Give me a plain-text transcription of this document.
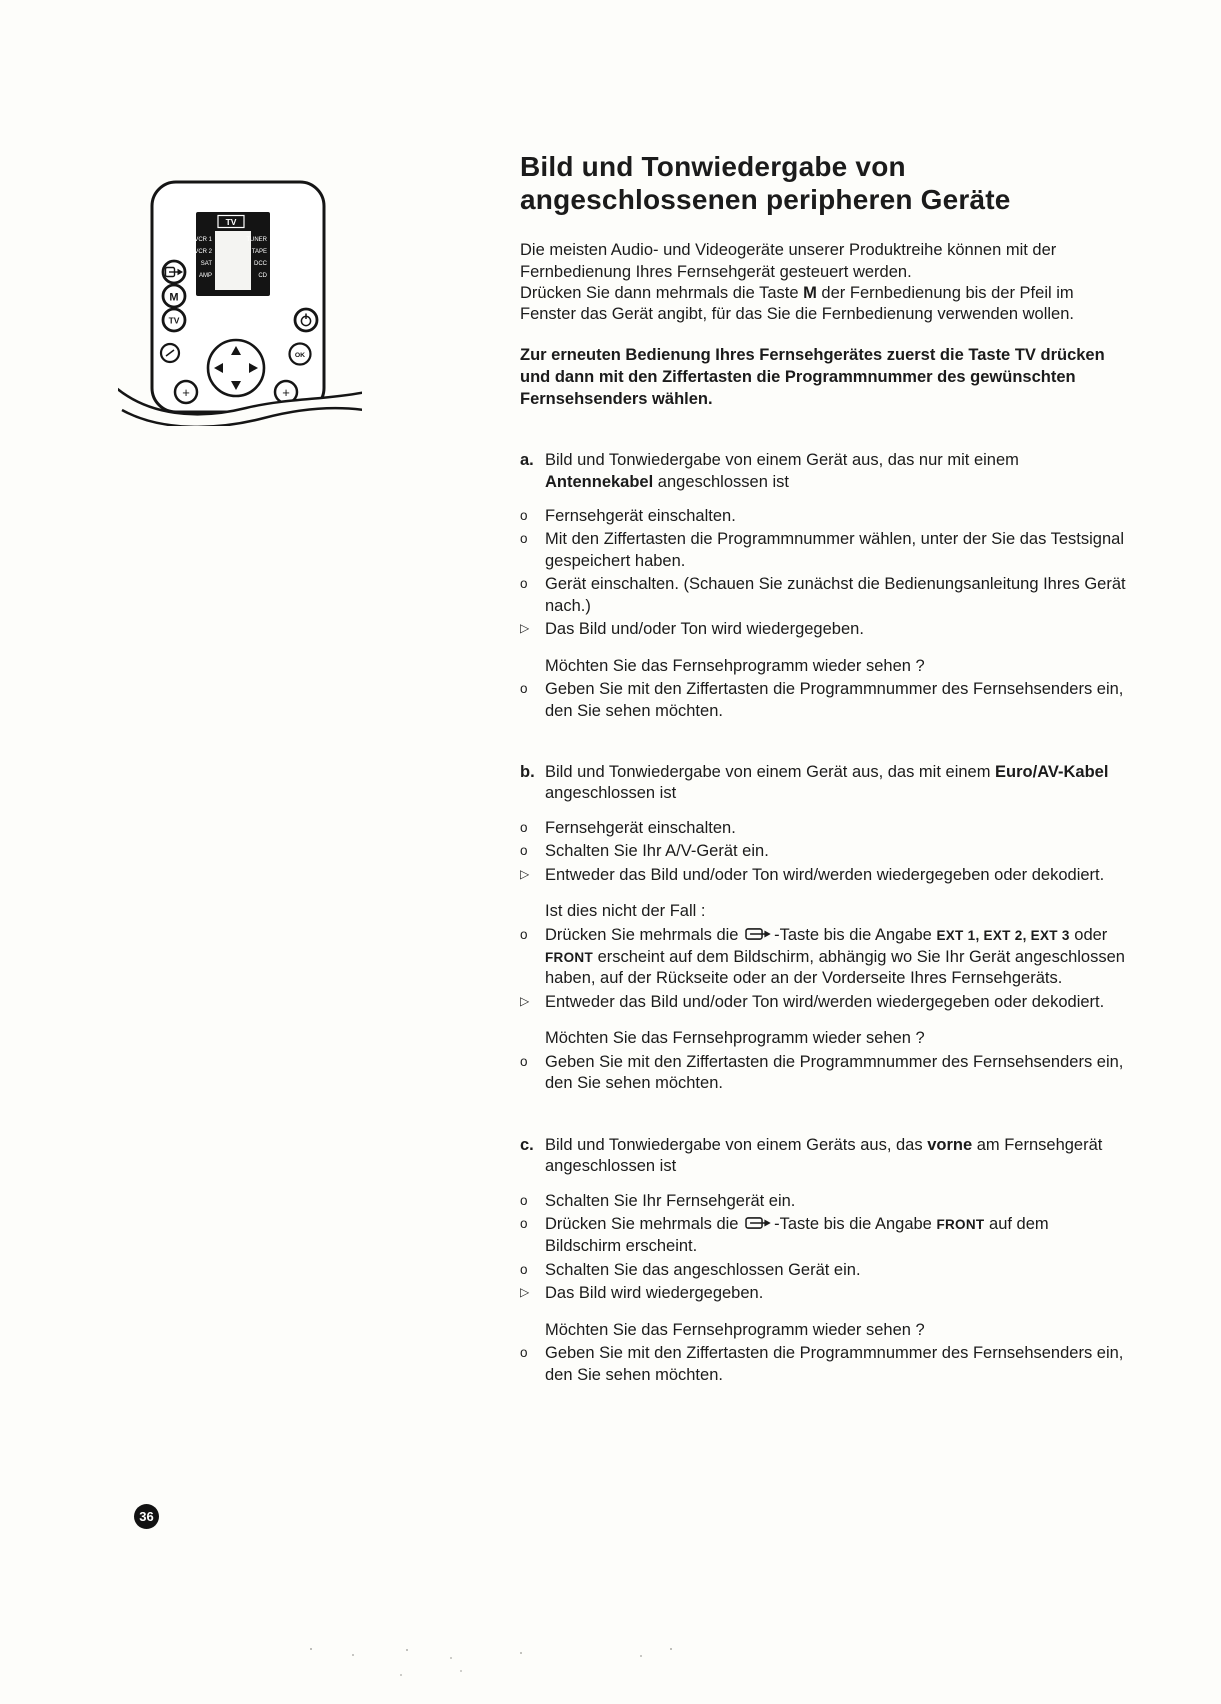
TV
VCR 1
VCR 2
SAT
AMP
TUNER
TAPE
DCC
CD
M
TV
OK
+	+
Bild und Tonwiedergabe von
angeschlossenen peripheren Geräte

Die meisten Audio- und Videogeräte unserer Produktreihe können mit der Fernbedienung Ihres Fernsehgerät gesteuert werden.

Drücken Sie dann mehrmals die Taste M der Fernbedienung bis der Pfeil im Fenster das Gerät angibt, für das Sie die Fernbedienung verwenden wollen.

Zur erneuten Bedienung Ihres Fernsehgerätes zuerst die Taste TV drücken und dann mit den Ziffertasten die Programmnummer des gewünschten Fernsehsenders wählen.

a. Bild und Tonwiedergabe von einem Gerät aus, das nur mit einem Antennekabel angeschlossen ist
o	Fernsehgerät einschalten.
o	Mit den Ziffertasten die Programmnummer wählen, unter der Sie das Testsignal gespeichert haben.
o	Gerät einschalten. (Schauen Sie zunächst die Bedienungsanleitung Ihres Gerät nach.)
▷ Das Bild und/oder Ton wird wiedergegeben.
Möchten Sie das Fernsehprogramm wieder sehen ?
o	Geben Sie mit den Ziffertasten die Programmnummer des Fernsehsenders ein, den Sie sehen möchten.
b. Bild und Tonwiedergabe von einem Gerät aus, das mit einem Euro/AV-Kabel angeschlossen ist
o	Fernsehgerät einschalten.
o	Schalten Sie Ihr A/V-Gerät ein.
▷ Entweder das Bild und/oder Ton wird/werden wiedergegeben oder dekodiert.
Ist dies nicht der Fall :
o	Drücken Sie mehrmals die -Taste bis die Angabe EXT 1, EXT 2, EXT 3 oder FRONT erscheint auf dem Bildschirm, abhängig wo Sie Ihr Gerät angeschlossen haben, auf der Rückseite oder an der Vorderseite Ihres Fernsehgeräts.
▷ Entweder das Bild und/oder Ton wird/werden wiedergegeben oder dekodiert.
Möchten Sie das Fernsehprogramm wieder sehen ?
o	Geben Sie mit den Ziffertasten die Programmnummer des Fernsehsenders ein, den Sie sehen möchten.
c. Bild und Tonwiedergabe von einem Geräts aus, das vorne am Fernsehgerät angeschlossen ist
o	Schalten Sie Ihr Fernsehgerät ein.
o	Drücken Sie mehrmals die -Taste bis die Angabe FRONT auf dem Bildschirm erscheint.
o	Schalten Sie das angeschlossen Gerät ein.
▷ Das Bild wird wiedergegeben.
Möchten Sie das Fernsehprogramm wieder sehen ?
o	Geben Sie mit den Ziffertasten die Programmnummer des Fernsehsenders ein, den Sie sehen möchten.
36
